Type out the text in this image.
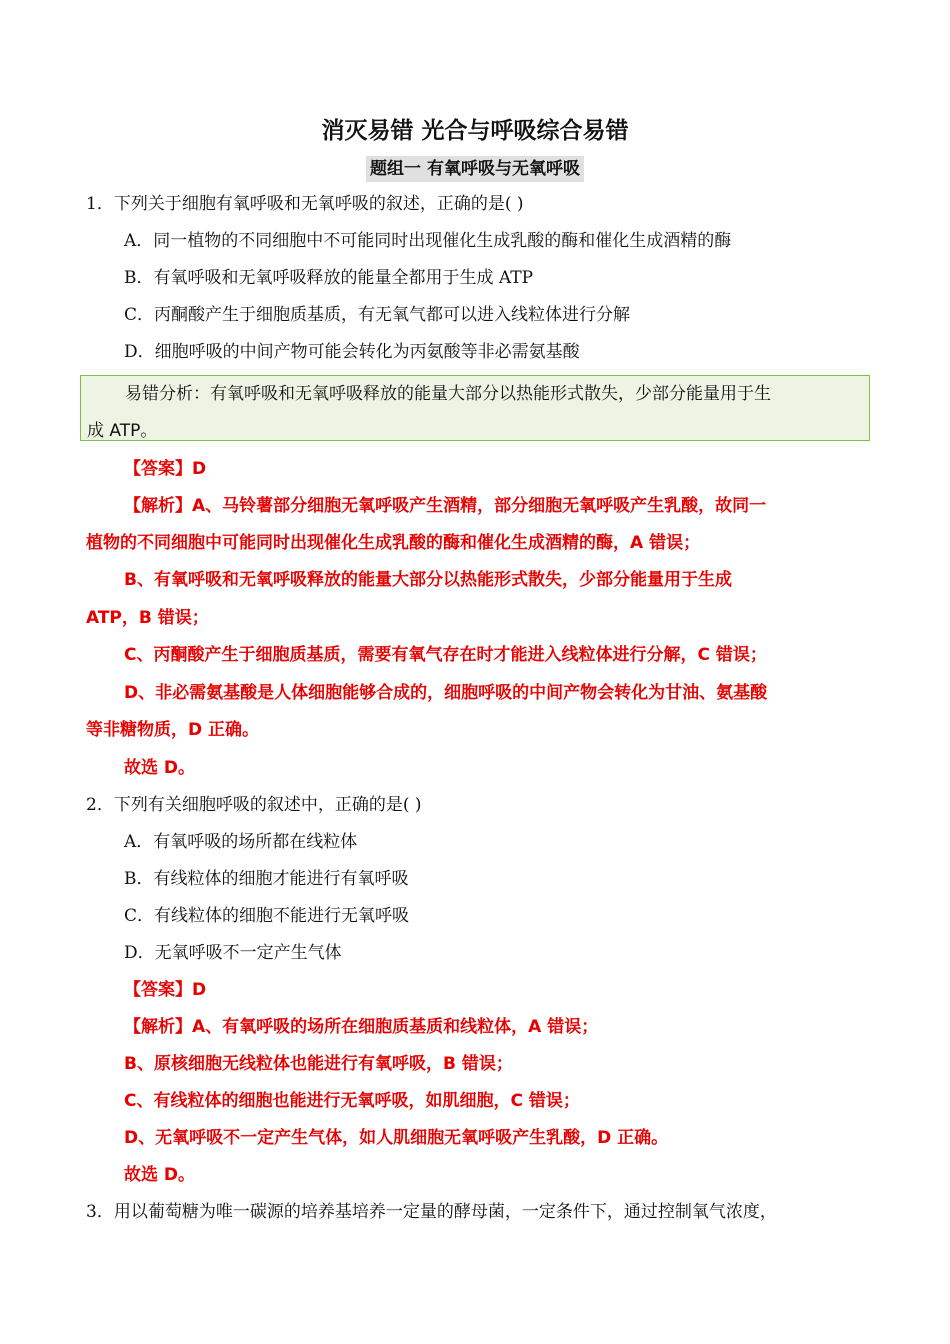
消灭易错 光合与呼吸综合易错
题组一 有氧呼吸与无氧呼吸
1．下列关于细胞有氧呼吸和无氧呼吸的叙述，正确的是( )
A．同一植物的不同细胞中不可能同时出现催化生成乳酸的酶和催化生成酒精的酶
B．有氧呼吸和无氧呼吸释放的能量全都用于生成 ATP
C．丙酮酸产生于细胞质基质，有无氧气都可以进入线粒体进行分解
D．细胞呼吸的中间产物可能会转化为丙氨酸等非必需氨基酸
易错分析：有氧呼吸和无氧呼吸释放的能量大部分以热能形式散失，少部分能量用于生
成 ATP。
【答案】D
【解析】A、马铃薯部分细胞无氧呼吸产生酒精，部分细胞无氧呼吸产生乳酸，故同一
植物的不同细胞中可能同时出现催化生成乳酸的酶和催化生成酒精的酶，A 错误；
B、有氧呼吸和无氧呼吸释放的能量大部分以热能形式散失，少部分能量用于生成
ATP，B 错误；
C、丙酮酸产生于细胞质基质，需要有氧气存在时才能进入线粒体进行分解，C 错误；
D、非必需氨基酸是人体细胞能够合成的，细胞呼吸的中间产物会转化为甘油、氨基酸
等非糖物质，D 正确。
故选 D。
2．下列有关细胞呼吸的叙述中，正确的是( )
A．有氧呼吸的场所都在线粒体
B．有线粒体的细胞才能进行有氧呼吸
C．有线粒体的细胞不能进行无氧呼吸
D．无氧呼吸不一定产生气体
【答案】D
【解析】A、有氧呼吸的场所在细胞质基质和线粒体，A 错误；
B、原核细胞无线粒体也能进行有氧呼吸，B 错误；
C、有线粒体的细胞也能进行无氧呼吸，如肌细胞，C 错误；
D、无氧呼吸不一定产生气体，如人肌细胞无氧呼吸产生乳酸，D 正确。
故选 D。
3．用以葡萄糖为唯一碳源的培养基培养一定量的酵母菌，一定条件下，通过控制氧气浓度，
